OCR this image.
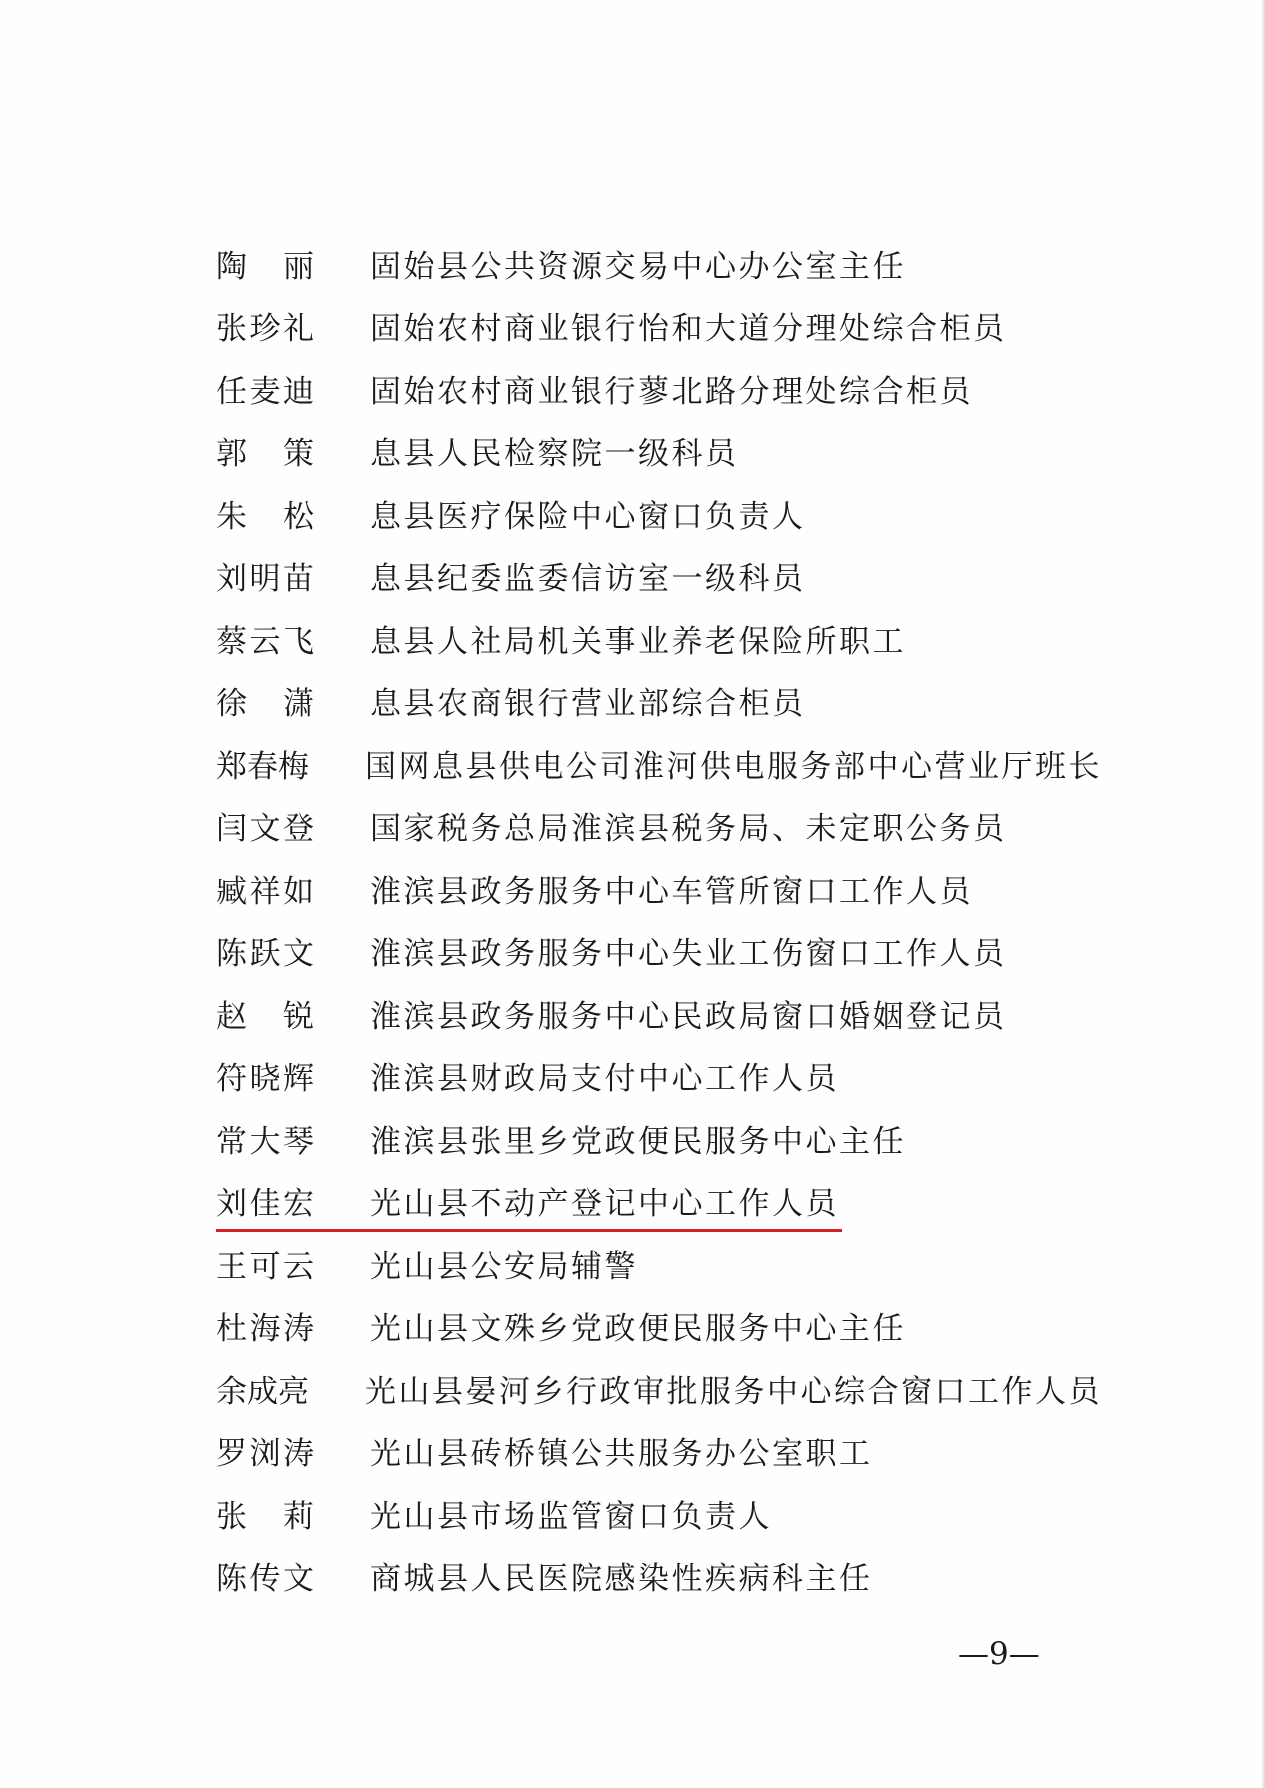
陶 丽 固始县公共资源交易中心办公室主任
张 珍 礼 固始农村商业银行怡和大道分理处综合柜员
任 麦 迪 固始农村商业银行蓼北路分理处综合柜员
郭 策 息县人民检察院一级科员
朱 松 息县医疗保险中心窗口负责人
刘 明 苗 息县纪委监委信访室一级科员
蔡 云 飞 息县人社局机关事业养老保险所职工
徐 潇 息县农商银行营业部综合柜员
郑 春 梅 国网息县供电公司淮河供电服务部中心营业厅班长
闫 文 登 国家税务总局淮滨县税务局、未定职公务员
臧 祥 如 淮滨县政务服务中心车管所窗口工作人员
陈 跃 文 淮滨县政务服务中心失业工伤窗口工作人员
赵 锐 淮滨县政务服务中心民政局窗口婚姻登记员
符 晓 辉 淮滨县财政局支付中心工作人员
常 大 琴 淮滨县张里乡党政便民服务中心主任
刘 佳 宏 光山县不动产登记中心工作人员
王 可 云 光山县公安局辅警
杜 海 涛 光山县文殊乡党政便民服务中心主任
余 成 亮 光山县晏河乡行政审批服务中心综合窗口工作人员
罗 浏 涛 光山县砖桥镇公共服务办公室职工
张 莉 光山县市场监管窗口负责人
陈 传 文 商城县人民医院感染性疾病科主任
—9—
